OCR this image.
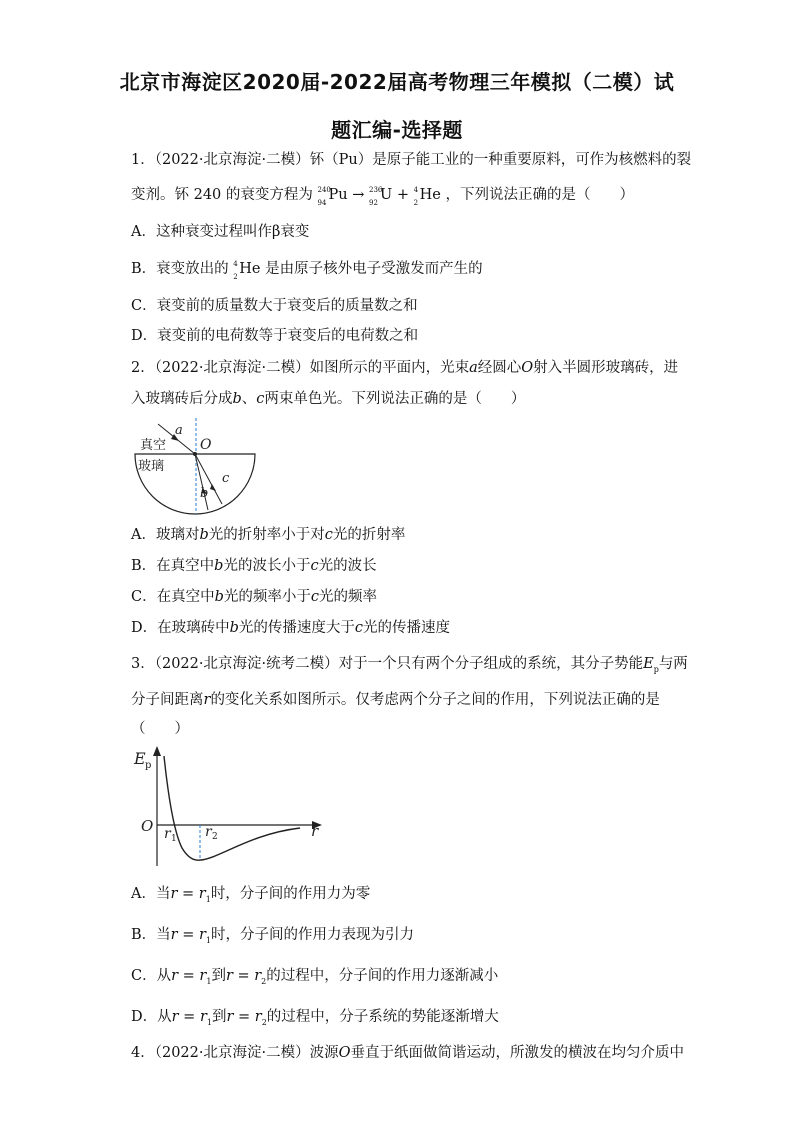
北京市海淀区2020届-2022届高考物理三年模拟（二模）试
题汇编-选择题
1．（2022·北京海淀·二模）钚（Pu）是原子能工业的一种重要原料，可作为核燃料的裂
变剂。钚 240 的衰变方程为 240
94 Pu → 236
92 U + 4
2 He ，下列说法正确的是（　　）
A．这种衰变过程叫作β衰变
B．衰变放出的 4
2 He 是由原子核外电子受激发而产生的
C．衰变前的质量数大于衰变后的质量数之和
D．衰变前的电荷数等于衰变后的电荷数之和
2．（2022·北京海淀·二模）如图所示的平面内，光束a经圆心O射入半圆形玻璃砖，进
入玻璃砖后分成b、c两束单色光。下列说法正确的是（　　）
真空
玻璃
a
O
b
c
A．玻璃对b光的折射率小于对c光的折射率
B．在真空中b光的波长小于c光的波长
C．在真空中b光的频率小于c光的频率
D．在玻璃砖中b光的传播速度大于c光的传播速度
3．（2022·北京海淀·统考二模）对于一个只有两个分子组成的系统，其分子势能$E_p$与两
分子间距离r的变化关系如图所示。仅考虑两个分子之间的作用，下列说法正确的是
（　　）
E p
O	r
r 1 r 2
A．当$r = r_1$时，分子间的作用力为零
B．当$r = r_1$时，分子间的作用力表现为引力
C．从$r = r_1$到$r = r_2$的过程中，分子间的作用力逐渐减小
D．从$r = r_1$到$r = r_2$的过程中，分子系统的势能逐渐增大
4．（2022·北京海淀·二模）波源O垂直于纸面做简谐运动，所激发的横波在均匀介质中
